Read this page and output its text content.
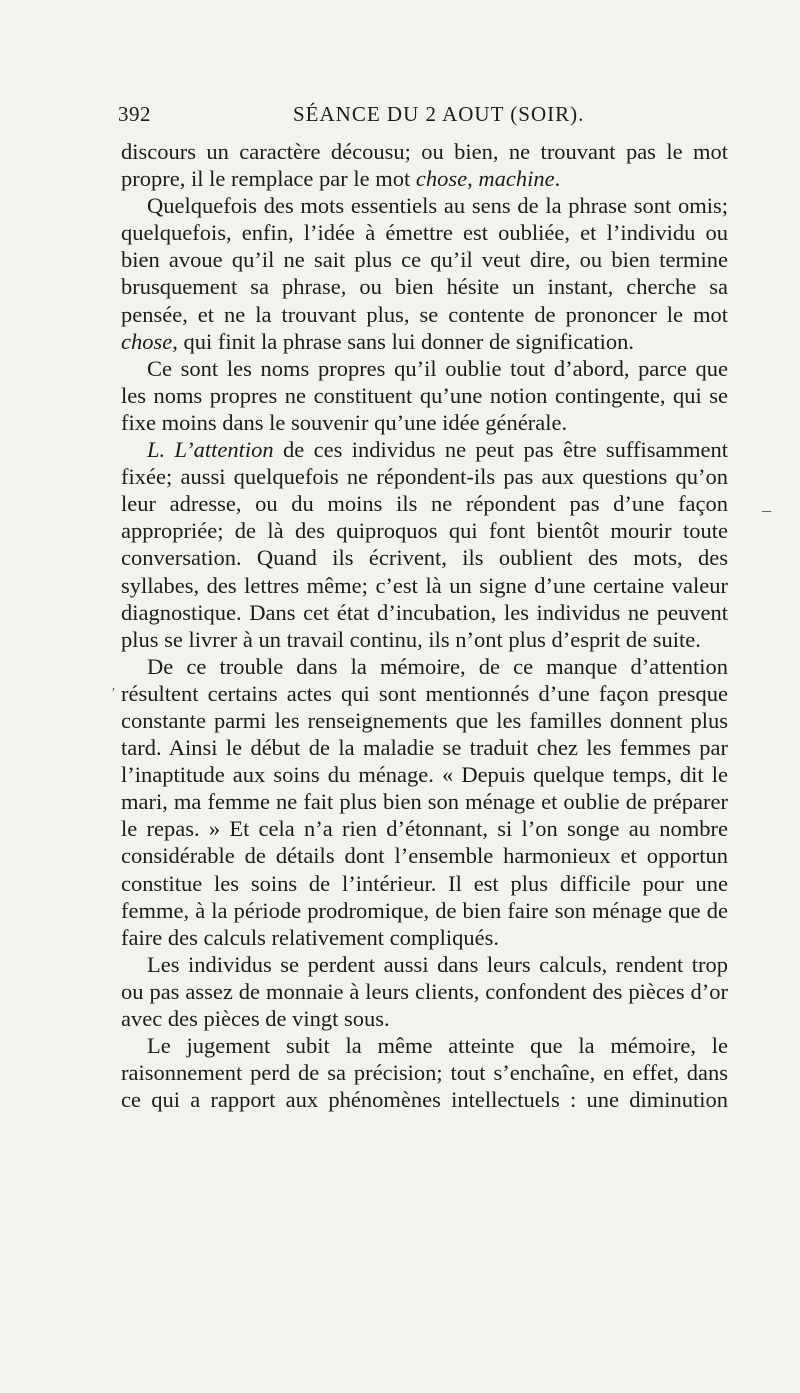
392	SÉANCE DU 2 AOUT (SOIR).

discours un caractère décousu; ou bien, ne trouvant pas le mot propre, il le remplace par le mot chose, machine.

Quelquefois des mots essentiels au sens de la phrase sont omis; quelquefois, enfin, l’idée à émettre est oubliée, et l’individu ou bien avoue qu’il ne sait plus ce qu’il veut dire, ou bien termine brusquement sa phrase, ou bien hésite un instant, cherche sa pensée, et ne la trouvant plus, se contente de prononcer le mot chose, qui finit la phrase sans lui donner de signification.

Ce sont les noms propres qu’il oublie tout d’abord, parce que les noms propres ne constituent qu’une notion contingente, qui se fixe moins dans le souvenir qu’une idée générale.

L. L’attention de ces individus ne peut pas être suffisamment fixée; aussi quelquefois ne répondent-ils pas aux questions qu’on leur adresse, ou du moins ils ne répondent pas d’une façon appropriée; de là des quiproquos qui font bientôt mourir toute conversation. Quand ils écrivent, ils oublient des mots, des syllabes, des lettres même; c’est là un signe d’une certaine valeur diagnostique. Dans cet état d’incubation, les individus ne peuvent plus se livrer à un travail continu, ils n’ont plus d’esprit de suite.

De ce trouble dans la mémoire, de ce manque d’attention résultent certains actes qui sont mentionnés d’une façon presque constante parmi les renseignements que les familles donnent plus tard. Ainsi le début de la maladie se traduit chez les femmes par l’inaptitude aux soins du ménage. « Depuis quelque temps, dit le mari, ma femme ne fait plus bien son ménage et oublie de préparer le repas. » Et cela n’a rien d’étonnant, si l’on songe au nombre considérable de détails dont l’ensemble harmonieux et opportun constitue les soins de l’intérieur. Il est plus difficile pour une femme, à la période prodromique, de bien faire son ménage que de faire des calculs relativement compliqués.

Les individus se perdent aussi dans leurs calculs, rendent trop ou pas assez de monnaie à leurs clients, confondent des pièces d’or avec des pièces de vingt sous.

Le jugement subit la même atteinte que la mémoire, le raisonnement perd de sa précision; tout s’enchaîne, en effet, dans ce qui a rapport aux phénomènes intellectuels : une diminution

–
′
